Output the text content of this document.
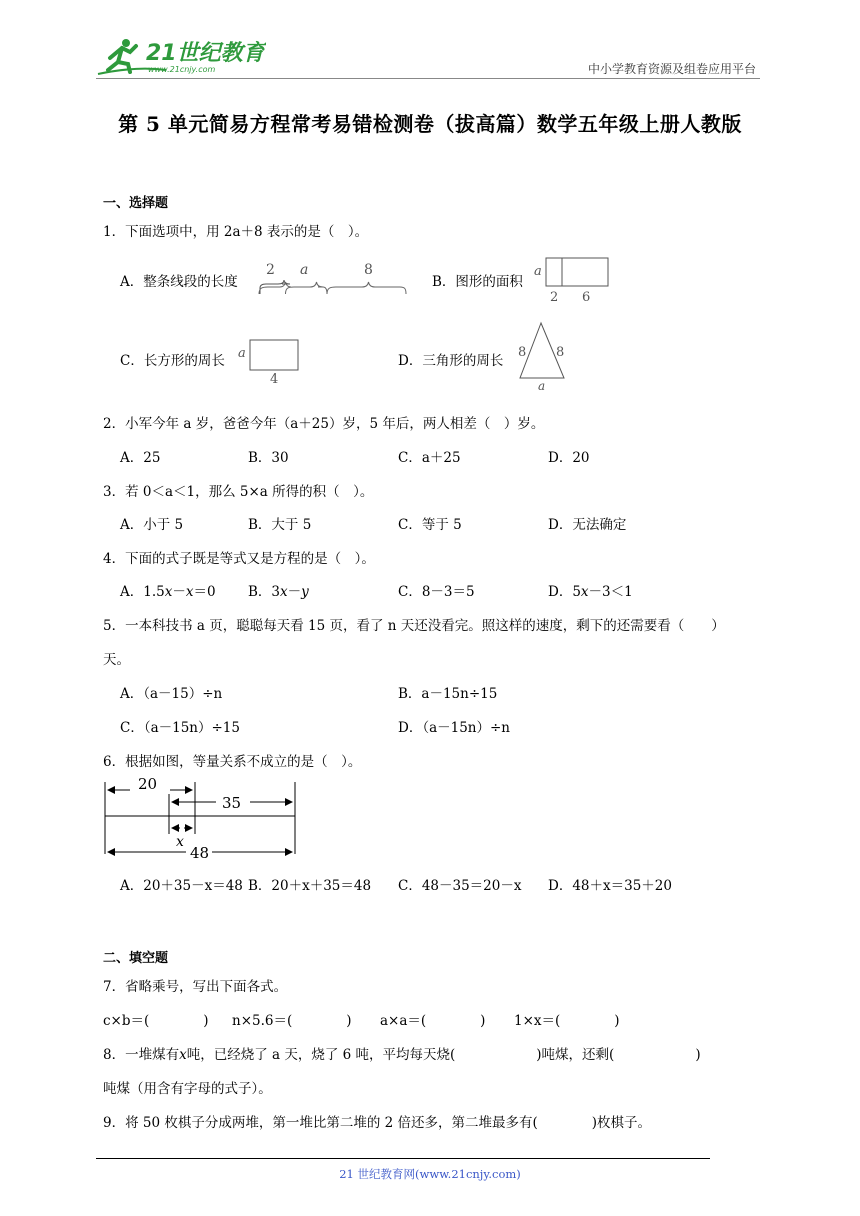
21世纪教育
www.21cnjy.com	中小学教育资源及组卷应用平台
第 5 单元简易方程常考易错检测卷（拔高篇）数学五年级上册人教版
一、选择题
1．下面选项中，用 2a＋8 表示的是（　）。
A．整条线段的长度
2 a	8
B．图形的面积
a
2 6
C．长方形的周长 a
4
D．三角形的周长
8 8
a
2．小军今年 a 岁，爸爸今年（a＋25）岁，5 年后，两人相差（　）岁。
A．25	B．30	C．a＋25	D．20
3．若 0＜a＜1，那么 5×a 所得的积（　）。
A．小于 5	B．大于 5	C．等于 5	D．无法确定
4．下面的式子既是等式又是方程的是（　）。
A．1.5x－x＝0 B．3x－y	C．8－3＝5	D．5x－3＜1
5．一本科技书 a 页，聪聪每天看 15 页，看了 n 天还没看完。照这样的速度，剩下的还需要看（　　）
天。
A．（a－15）÷n	B．a－15n÷15
C．（a－15n）÷15	D．（a－15n）÷n
6．根据如图，等量关系不成立的是（　）。
20
35
x
48
A．20＋35－x＝48 B．20＋x＋35＝48 C．48－35＝20－x D．48＋x＝35＋20
二、填空题
7．省略乘号，写出下面各式。
c×b＝(　　　　) n×5.6＝(　　　　) a×a＝(　　　　) 1×x＝(　　　　)
8．一堆煤有x吨，已经烧了 a 天，烧了 6 吨，平均每天烧(　　　　　　)吨煤，还剩(　　　　　　)
吨煤（用含有字母的式子）。
9．将 50 枚棋子分成两堆，第一堆比第二堆的 2 倍还多，第二堆最多有(　　　　)枚棋子。
21 世纪教育网(www.21cnjy.com)
